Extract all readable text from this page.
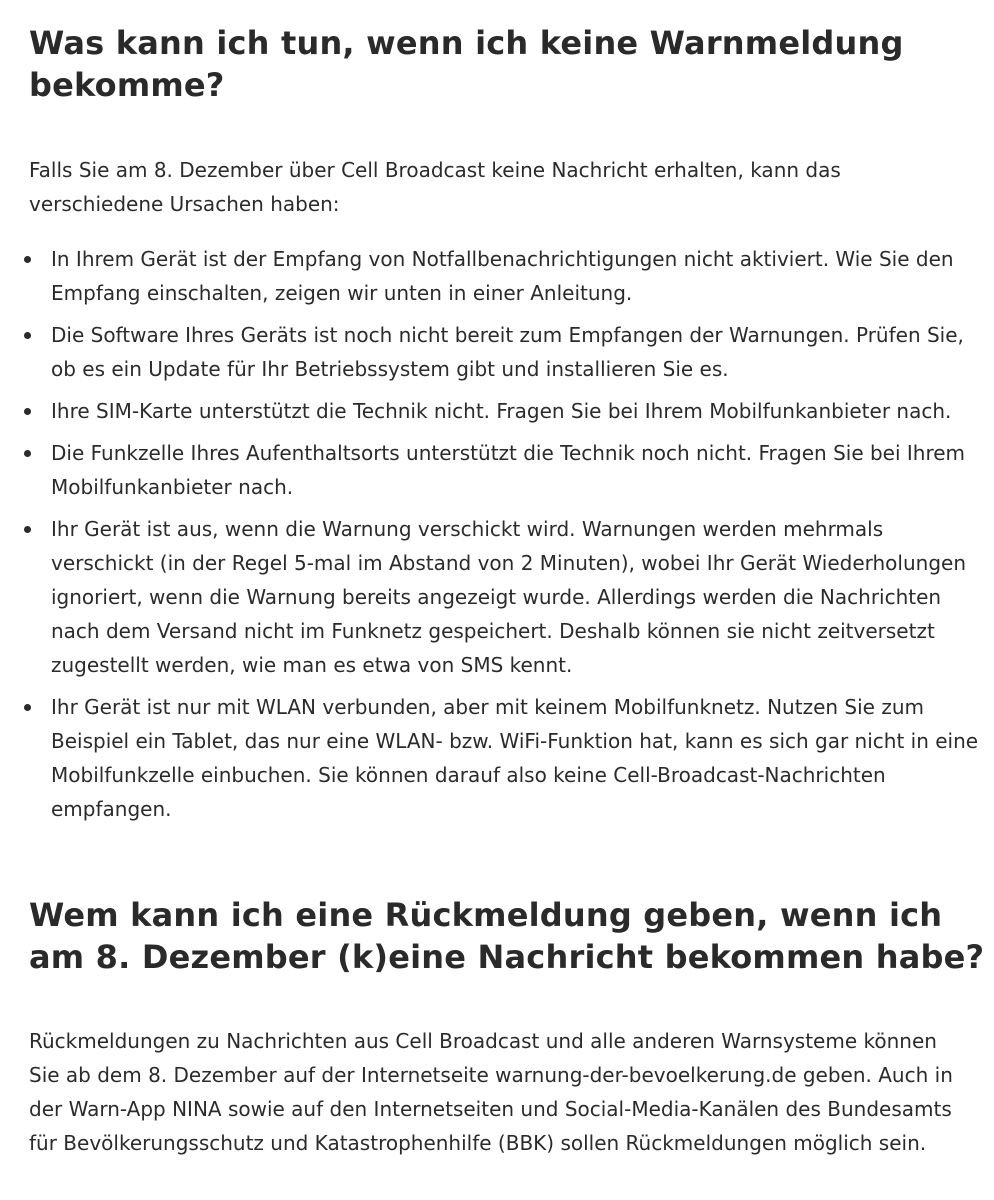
Was kann ich tun, wenn ich keine Warnmeldung bekomme?

Falls Sie am 8. Dezember über Cell Broadcast keine Nachricht erhalten, kann das verschiedene Ursachen haben:

In Ihrem Gerät ist der Empfang von Notfallbenachrichtigungen nicht aktiviert. Wie Sie den Empfang einschalten, zeigen wir unten in einer Anleitung.
Die Software Ihres Geräts ist noch nicht bereit zum Empfangen der Warnungen. Prüfen Sie, ob es ein Update für Ihr Betriebssystem gibt und installieren Sie es.
Ihre SIM-Karte unterstützt die Technik nicht. Fragen Sie bei Ihrem Mobilfunkanbieter nach.
Die Funkzelle Ihres Aufenthaltsorts unterstützt die Technik noch nicht. Fragen Sie bei Ihrem Mobilfunkanbieter nach.
Ihr Gerät ist aus, wenn die Warnung verschickt wird. Warnungen werden mehrmals verschickt (in der Regel 5-mal im Abstand von 2 Minuten), wobei Ihr Gerät Wiederholungen ignoriert, wenn die Warnung bereits angezeigt wurde. Allerdings werden die Nachrichten nach dem Versand nicht im Funknetz gespeichert. Deshalb können sie nicht zeitversetzt zugestellt werden, wie man es etwa von SMS kennt.
Ihr Gerät ist nur mit WLAN verbunden, aber mit keinem Mobilfunknetz. Nutzen Sie zum Beispiel ein Tablet, das nur eine WLAN- bzw. WiFi-Funktion hat, kann es sich gar nicht in eine Mobilfunkzelle einbuchen. Sie können darauf also keine Cell-Broadcast-Nachrichten empfangen.
Wem kann ich eine Rückmeldung geben, wenn ich am 8. Dezember (k)eine Nachricht bekommen habe?

Rückmeldungen zu Nachrichten aus Cell Broadcast und alle anderen Warnsysteme können Sie ab dem 8. Dezember auf der Internetseite warnung-der-bevoelkerung.de geben. Auch in der Warn-App NINA sowie auf den Internetseiten und Social-Media-Kanälen des Bundesamts für Bevölkerungsschutz und Katastrophenhilfe (BBK) sollen Rückmeldungen möglich sein.
